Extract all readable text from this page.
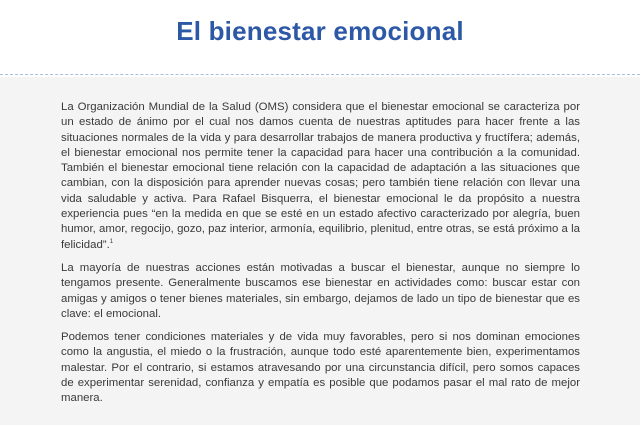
El bienestar emocional

La Organización Mundial de la Salud (OMS) considera que el bienestar emocional se caracteriza por un estado de ánimo por el cual nos damos cuenta de nuestras aptitudes para hacer frente a las situaciones normales de la vida y para desarrollar trabajos de manera productiva y fructífera; además, el bienestar emocional nos permite tener la capacidad para hacer una contribución a la comunidad. También el bienestar emocional tiene relación con la capacidad de adaptación a las situaciones que cambian, con la disposición para aprender nuevas cosas; pero también tiene relación con llevar una vida saludable y activa. Para Rafael Bisquerra, el bienestar emocional le da propósito a nuestra experiencia pues “en la medida en que se esté en un estado afectivo caracterizado por alegría, buen humor, amor, regocijo, gozo, paz interior, armonía, equilibrio, plenitud, entre otras, se está próximo a la felicidad”.$^1$

La mayoría de nuestras acciones están motivadas a buscar el bienestar, aunque no siempre lo tengamos presente. Generalmente buscamos ese bienestar en actividades como: buscar estar con amigas y amigos o tener bienes materiales, sin embargo, dejamos de lado un tipo de bienestar que es clave: el emocional.

Podemos tener condiciones materiales y de vida muy favorables, pero si nos dominan emociones como la angustia, el miedo o la frustración, aunque todo esté aparentemente bien, experimentamos malestar. Por el contrario, si estamos atravesando por una circunstancia difícil, pero somos capaces de experimentar serenidad, confianza y empatía es posible que podamos pasar el mal rato de mejor manera.
